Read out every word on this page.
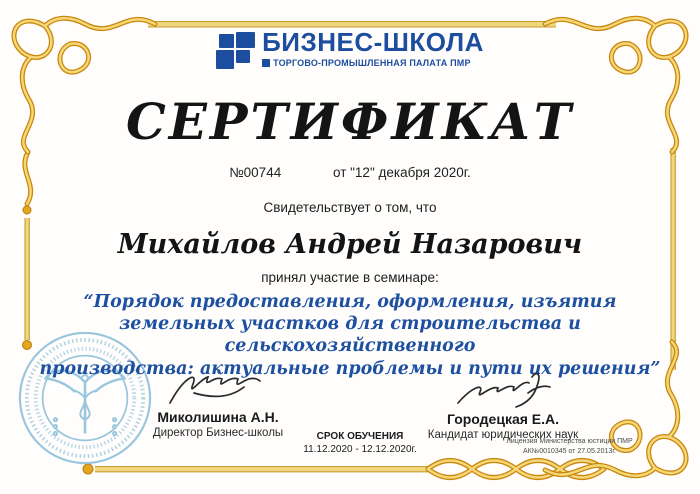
БИЗНЕС-ШКОЛА
ТОРГОВО-ПРОМЫШЛЕННАЯ ПАЛАТА ПМР
СЕРТИФИКАТ
№00744	от "12" декабря 2020г.
Свидетельствует о том, что
Михайлов Андрей Назарович
принял участие в семинаре:
“Порядок предоставления, оформления, изъятия
земельных участков для строительства и сельскохозяйственного
производства: актуальные проблемы и пути их решения”
Миколишина А.Н.
Директор Бизнес-школы
Городецкая Е.А.
Кандидат юридических наук
СРОК ОБУЧЕНИЯ
11.12.2020 - 12.12.2020г.
Лицензия Министерства юстиции ПМР
АК№0010345 от 27.05.2013г.
